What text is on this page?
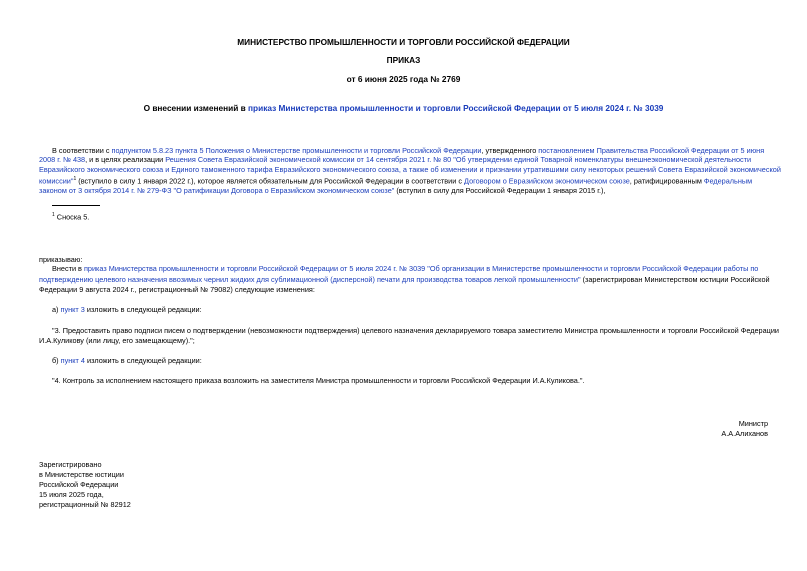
МИНИСТЕРСТВО ПРОМЫШЛЕННОСТИ И ТОРГОВЛИ РОССИЙСКОЙ ФЕДЕРАЦИИ
ПРИКАЗ
от 6 июня 2025 года № 2769
О внесении изменений в приказ Министерства промышленности и торговли Российской Федерации от 5 июля 2024 г. № 3039
В соответствии с подпунктом 5.8.23 пункта 5 Положения о Министерстве промышленности и торговли Российской Федерации, утвержденного постановлением Правительства Российской Федерации от 5 июня
2008 г. № 438, и в целях реализации Решения Совета Евразийской экономической комиссии от 14 сентября 2021 г. № 80 "Об утверждении единой Товарной номенклатуры внешнеэкономической деятельности
Евразийского экономического союза и Единого таможенного тарифа Евразийского экономического союза, а также об изменении и признании утратившими силу некоторых решений Совета Евразийской экономической
комиссии"$^1$ (вступило в силу 1 января 2022 г.), которое является обязательным для Российской Федерации в соответствии с Договором о Евразийском экономическом союзе, ратифицированным Федеральным
законом от 3 октября 2014 г. № 279-ФЗ "О ратификации Договора о Евразийском экономическом союзе" (вступил в силу для Российской Федерации 1 января 2015 г.),
$^1$ Сноска 5.
приказываю:
Внести в приказ Министерства промышленности и торговли Российской Федерации от 5 июля 2024 г. № 3039 "Об организации в Министерстве промышленности и торговли Российской Федерации работы по
подтверждению целевого назначения ввозимых чернил жидких для сублимационной (дисперсной) печати для производства товаров легкой промышленности" (зарегистрирован Министерством юстиции Российской
Федерации 9 августа 2024 г., регистрационный № 79082) следующие изменения:
а) пункт 3 изложить в следующей редакции:
"3. Предоставить право подписи писем о подтверждении (невозможности подтверждения) целевого назначения декларируемого товара заместителю Министра промышленности и торговли Российской Федерации
И.А.Куликову (или лицу, его замещающему).";
б) пункт 4 изложить в следующей редакции:
"4. Контроль за исполнением настоящего приказа возложить на заместителя Министра промышленности и торговли Российской Федерации И.А.Куликова.".
Министр
А.А.Алиханов
Зарегистрировано
в Министерстве юстиции
Российской Федерации
15 июля 2025 года,
регистрационный № 82912
